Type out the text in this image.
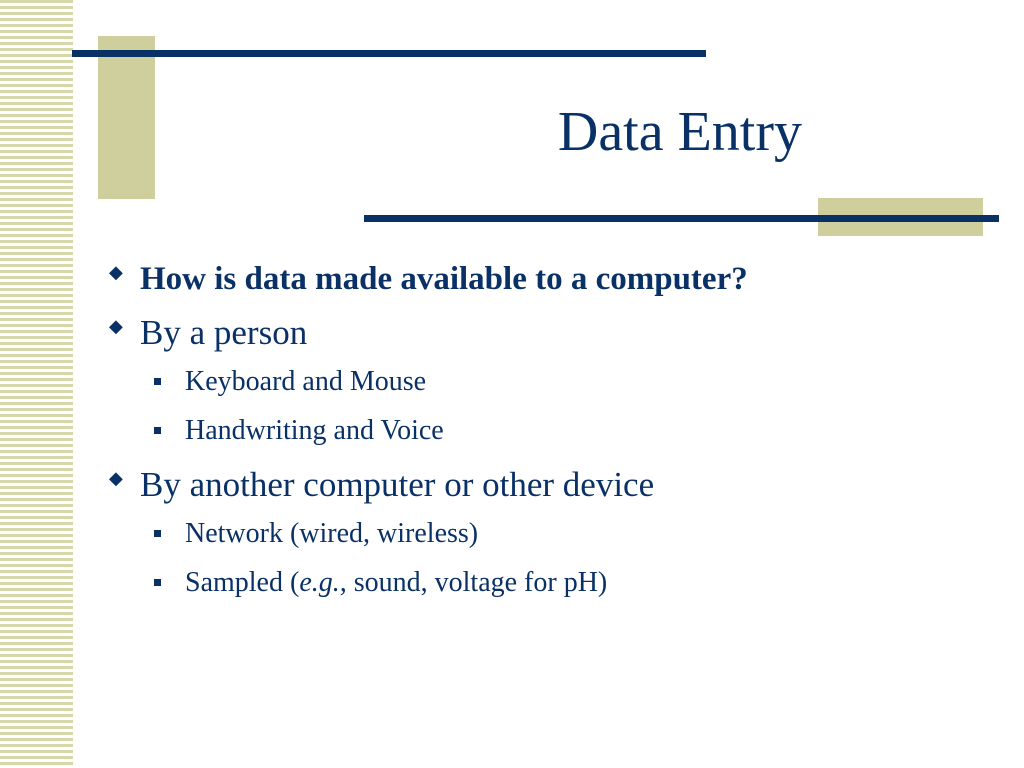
Data Entry
◆ How is data made available to a computer?
◆ By a person
Keyboard and Mouse
Handwriting and Voice
◆ By another computer or other device
Network (wired, wireless)
Sampled (e.g., sound, voltage for pH)
